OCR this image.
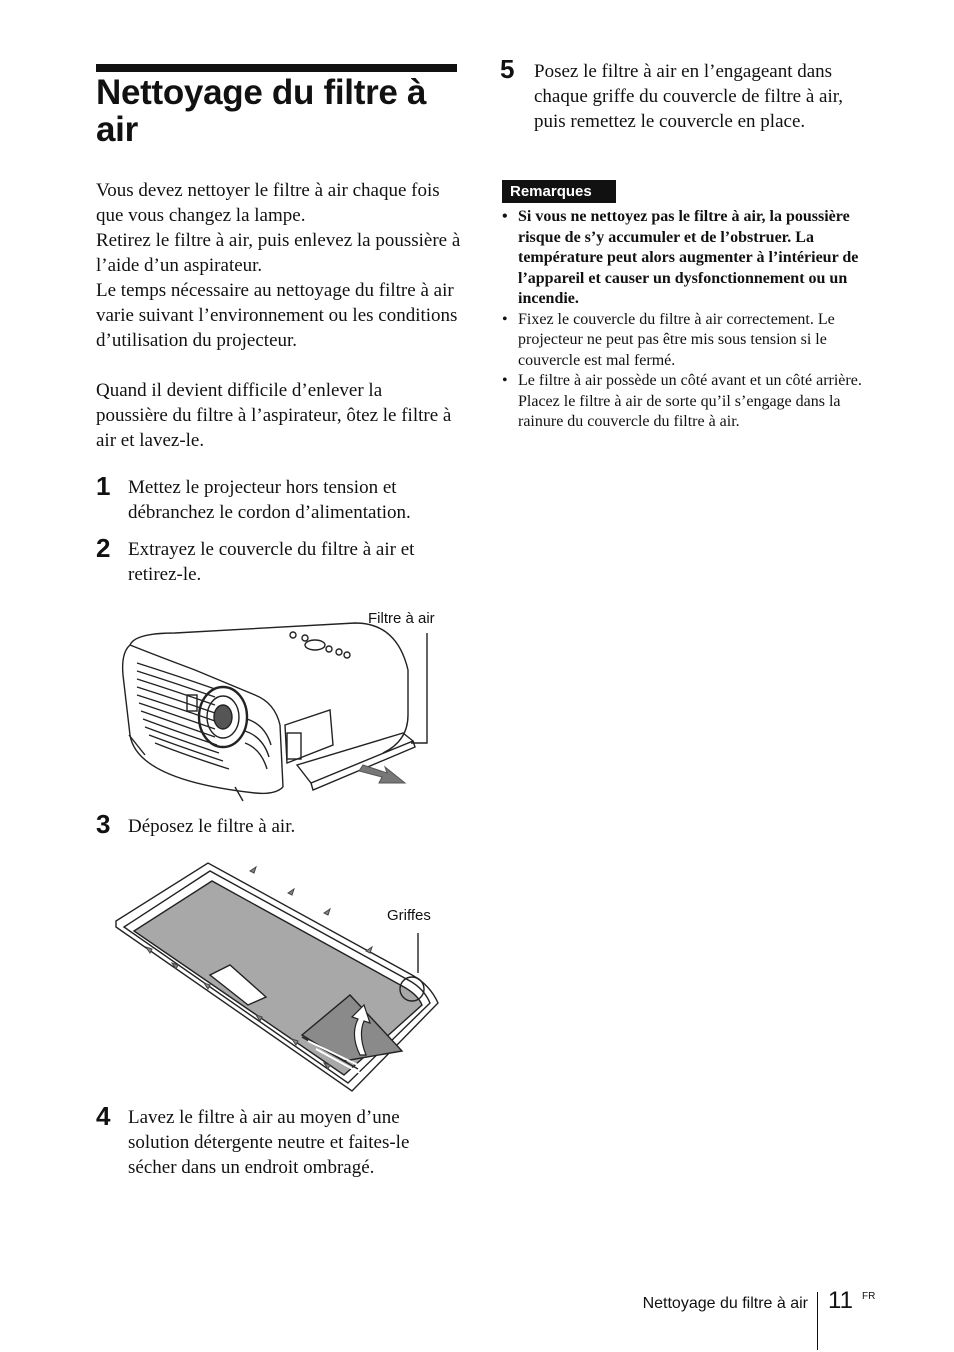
Nettoyage du filtre à air
Vous devez nettoyer le filtre à air chaque fois que vous changez la lampe.
Retirez le filtre à air, puis enlevez la poussière à l’aide d’un aspirateur.
Le temps nécessaire au nettoyage du filtre à air varie suivant l’environnement ou les conditions d’utilisation du projecteur.
Quand il devient difficile d’enlever la poussière du filtre à l’aspirateur, ôtez le filtre à air et lavez-le.
1 Mettez le projecteur hors tension et débranchez le cordon d’alimentation.
2 Extrayez le couvercle du filtre à air et retirez-le.
Filtre à air
3 Déposez le filtre à air.
Griffes
4 Lavez le filtre à air au moyen d’une solution détergente neutre et faites-le sécher dans un endroit ombragé.
5 Posez le filtre à air en l’engageant dans chaque griffe du couvercle de filtre à air, puis remettez le couvercle en place.
Remarques
• Si vous ne nettoyez pas le filtre à air, la poussière risque de s’y accumuler et de l’obstruer. La température peut alors augmenter à l’intérieur de l’appareil et causer un dysfonctionnement ou un incendie.
• Fixez le couvercle du filtre à air correctement. Le projecteur ne peut pas être mis sous tension si le couvercle est mal fermé.
• Le filtre à air possède un côté avant et un côté arrière. Placez le filtre à air de sorte qu’il s’engage dans la rainure du couvercle du filtre à air.
Nettoyage du filtre à air 11 FR
